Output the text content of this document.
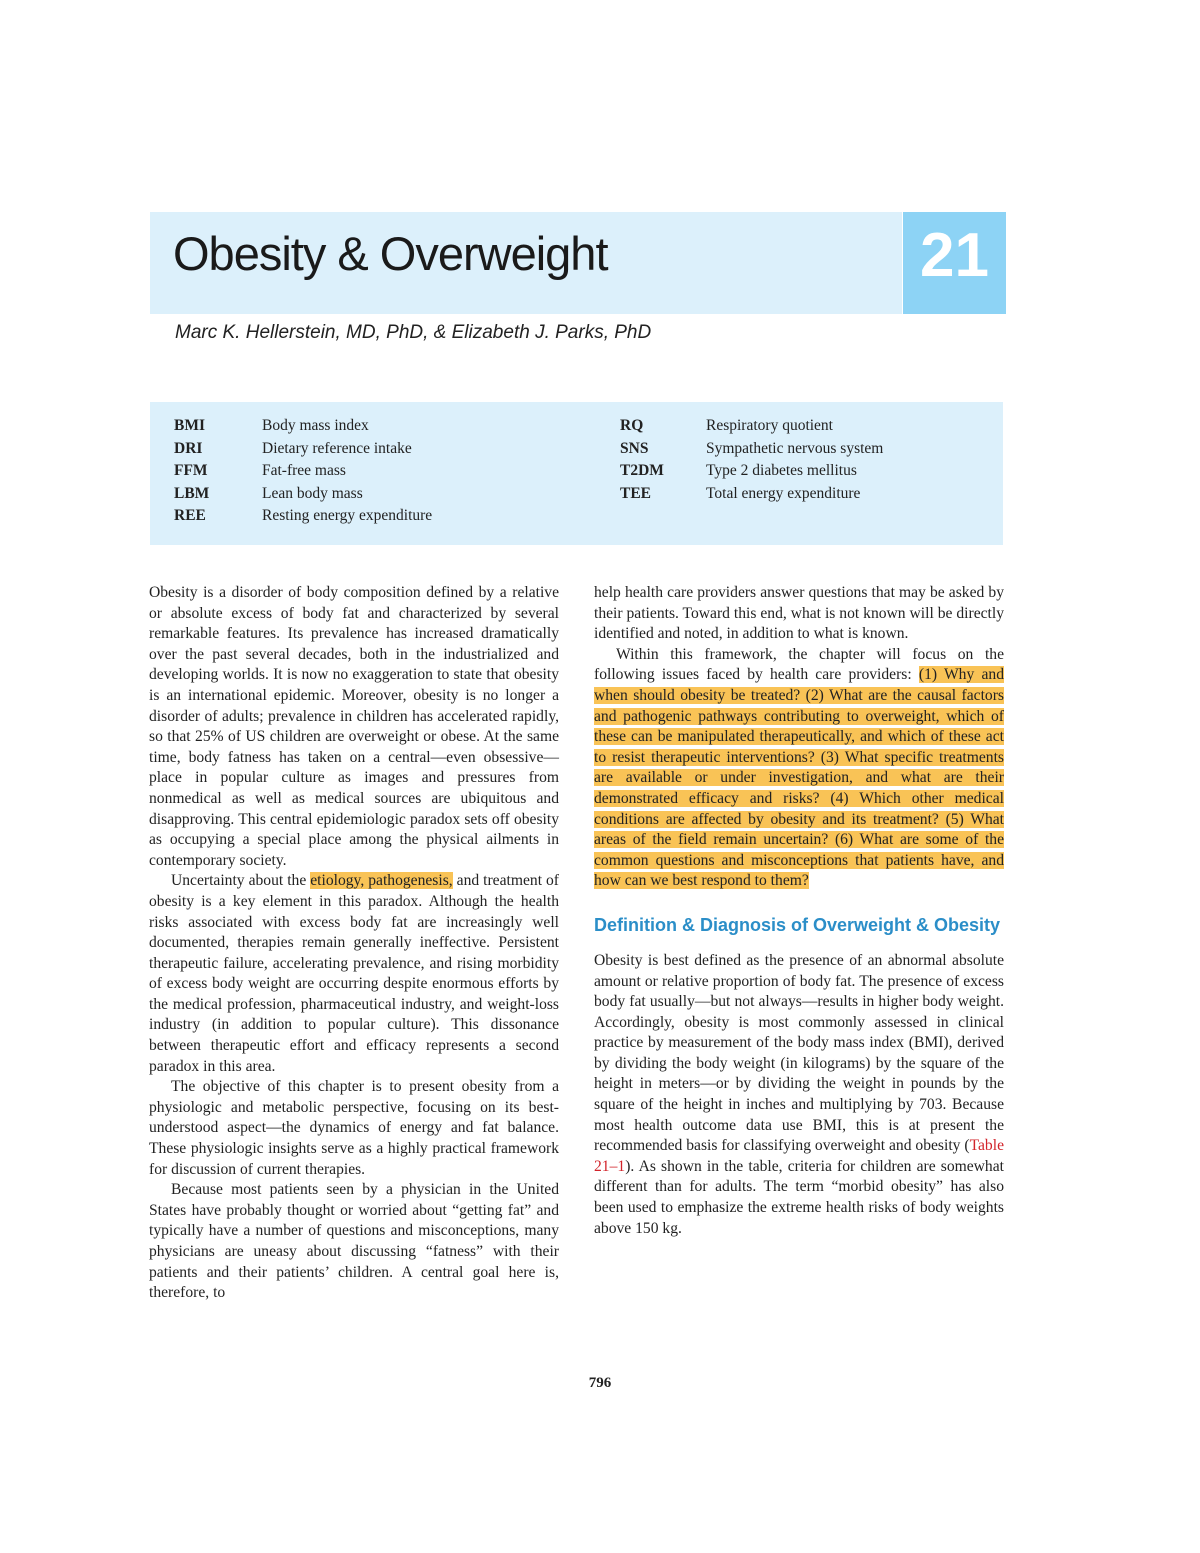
Obesity & Overweight	21
Marc K. Hellerstein, MD, PhD, & Elizabeth J. Parks, PhD
BMI	Body mass index
DRI	Dietary reference intake
FFM	Fat-free mass
LBM	Lean body mass
REE	Resting energy expenditure
RQ	Respiratory quotient
SNS	Sympathetic nervous system
T2DM	Type 2 diabetes mellitus
TEE	Total energy expenditure

Obesity is a disorder of body composition defined by a relative or absolute excess of body fat and characterized by several remarkable features. Its prevalence has increased dramatically over the past several decades, both in the industrialized and developing worlds. It is now no exaggeration to state that obesity is an international epidemic. Moreover, obesity is no longer a disorder of adults; prevalence in children has accelerated rapidly, so that 25% of US children are overweight or obese. At the same time, body fatness has taken on a central—even obsessive—place in popular culture as images and pressures from nonmedical as well as medical sources are ubiquitous and disapproving. This central epidemiologic paradox sets off obesity as occupying a special place among the physical ailments in contemporary society.

Uncertainty about the etiology, pathogenesis, and treatment of obesity is a key element in this paradox. Although the health risks associated with excess body fat are increasingly well documented, therapies remain generally ineffective. Persistent therapeutic failure, accelerating prevalence, and rising morbidity of excess body weight are occurring despite enormous efforts by the medical profession, pharmaceutical industry, and weight-loss industry (in addition to popular culture). This dissonance between therapeutic effort and efficacy represents a second paradox in this area.

The objective of this chapter is to present obesity from a physiologic and metabolic perspective, focusing on its best-understood aspect—the dynamics of energy and fat balance. These physiologic insights serve as a highly practical framework for discussion of current therapies.

Because most patients seen by a physician in the United States have probably thought or worried about “getting fat” and typically have a number of questions and misconceptions, many physicians are uneasy about discussing “fatness” with their patients and their patients’ children. A central goal here is, therefore, to

help health care providers answer questions that may be asked by their patients. Toward this end, what is not known will be directly identified and noted, in addition to what is known.

Within this framework, the chapter will focus on the following issues faced by health care providers: (1) Why and when should obesity be treated? (2) What are the causal factors and pathogenic pathways contributing to overweight, which of these can be manipulated therapeutically, and which of these act to resist therapeutic interventions? (3) What specific treatments are available or under investigation, and what are their demonstrated efficacy and risks? (4) Which other medical conditions are affected by obesity and its treatment? (5) What areas of the field remain uncertain? (6) What are some of the common questions and misconceptions that patients have, and how can we best respond to them?

Definition & Diagnosis of Overweight & Obesity

Obesity is best defined as the presence of an abnormal absolute amount or relative proportion of body fat. The presence of excess body fat usually—but not always—results in higher body weight. Accordingly, obesity is most commonly assessed in clinical practice by measurement of the body mass index (BMI), derived by dividing the body weight (in kilograms) by the square of the height in meters—or by dividing the weight in pounds by the square of the height in inches and multiplying by 703. Because most health outcome data use BMI, this is at present the recommended basis for classifying overweight and obesity (Table 21–1). As shown in the table, criteria for children are somewhat different than for adults. The term “morbid obesity” has also been used to emphasize the extreme health risks of body weights above 150 kg.

796
